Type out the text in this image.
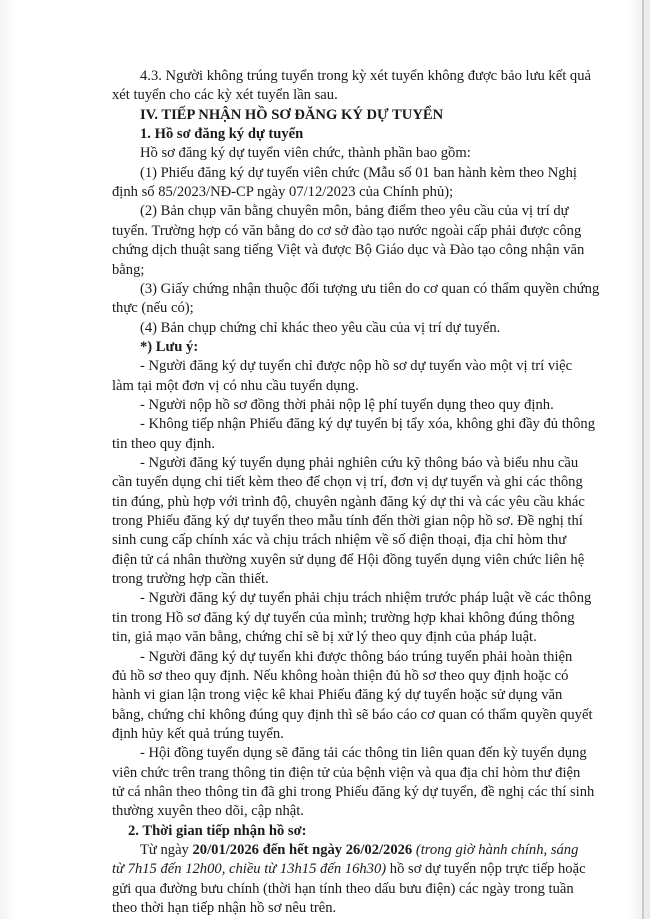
4.3. Người không trúng tuyển trong kỳ xét tuyển không được bảo lưu kết quả

xét tuyển cho các kỳ xét tuyển lần sau.

IV. TIẾP NHẬN HỒ SƠ ĐĂNG KÝ DỰ TUYỂN

1. Hồ sơ đăng ký dự tuyển

Hồ sơ đăng ký dự tuyển viên chức, thành phần bao gồm:

(1) Phiếu đăng ký dự tuyển viên chức (Mẫu số 01 ban hành kèm theo Nghị

định số 85/2023/NĐ-CP ngày 07/12/2023 của Chính phủ);

(2) Bản chụp văn bằng chuyên môn, bảng điểm theo yêu cầu của vị trí dự

tuyển. Trường hợp có văn bằng do cơ sở đào tạo nước ngoài cấp phải được công

chứng dịch thuật sang tiếng Việt và được Bộ Giáo dục và Đào tạo công nhận văn

bằng;

(3) Giấy chứng nhận thuộc đối tượng ưu tiên do cơ quan có thẩm quyền chứng

thực (nếu có);

(4) Bản chụp chứng chỉ khác theo yêu cầu của vị trí dự tuyển.

*) Lưu ý:

- Người đăng ký dự tuyển chỉ được nộp hồ sơ dự tuyển vào một vị trí việc

làm tại một đơn vị có nhu cầu tuyển dụng.

- Người nộp hồ sơ đồng thời phải nộp lệ phí tuyển dụng theo quy định.

- Không tiếp nhận Phiếu đăng ký dự tuyển bị tẩy xóa, không ghi đầy đủ thông

tin theo quy định.

- Người đăng ký tuyển dụng phải nghiên cứu kỹ thông báo và biểu nhu cầu

cần tuyển dụng chi tiết kèm theo để chọn vị trí, đơn vị dự tuyển và ghi các thông

tin đúng, phù hợp với trình độ, chuyên ngành đăng ký dự thi và các yêu cầu khác

trong Phiếu đăng ký dự tuyển theo mẫu tính đến thời gian nộp hồ sơ. Đề nghị thí

sinh cung cấp chính xác và chịu trách nhiệm về số điện thoại, địa chỉ hòm thư

điện tử cá nhân thường xuyên sử dụng để Hội đồng tuyển dụng viên chức liên hệ

trong trường hợp cần thiết.

- Người đăng ký dự tuyển phải chịu trách nhiệm trước pháp luật về các thông

tin trong Hồ sơ đăng ký dự tuyển của mình; trường hợp khai không đúng thông

tin, giả mạo văn bằng, chứng chỉ sẽ bị xử lý theo quy định của pháp luật.

- Người đăng ký dự tuyển khi được thông báo trúng tuyển phải hoàn thiện

đủ hồ sơ theo quy định. Nếu không hoàn thiện đủ hồ sơ theo quy định hoặc có

hành vi gian lận trong việc kê khai Phiếu đăng ký dự tuyển hoặc sử dụng văn

bằng, chứng chỉ không đúng quy định thì sẽ báo cáo cơ quan có thẩm quyền quyết

định hủy kết quả trúng tuyển.

- Hội đồng tuyển dụng sẽ đăng tải các thông tin liên quan đến kỳ tuyển dụng

viên chức trên trang thông tin điện tử của bệnh viện và qua địa chỉ hòm thư điện

tử cá nhân theo thông tin đã ghi trong Phiếu đăng ký dự tuyển, đề nghị các thí sinh

thường xuyên theo dõi, cập nhật.

2. Thời gian tiếp nhận hồ sơ:

Từ ngày 20/01/2026 đến hết ngày 26/02/2026 (trong giờ hành chính, sáng

từ 7h15 đến 12h00, chiều từ 13h15 đến 16h30) hồ sơ dự tuyển nộp trực tiếp hoặc

gửi qua đường bưu chính (thời hạn tính theo dấu bưu điện) các ngày trong tuần

theo thời hạn tiếp nhận hồ sơ nêu trên.
